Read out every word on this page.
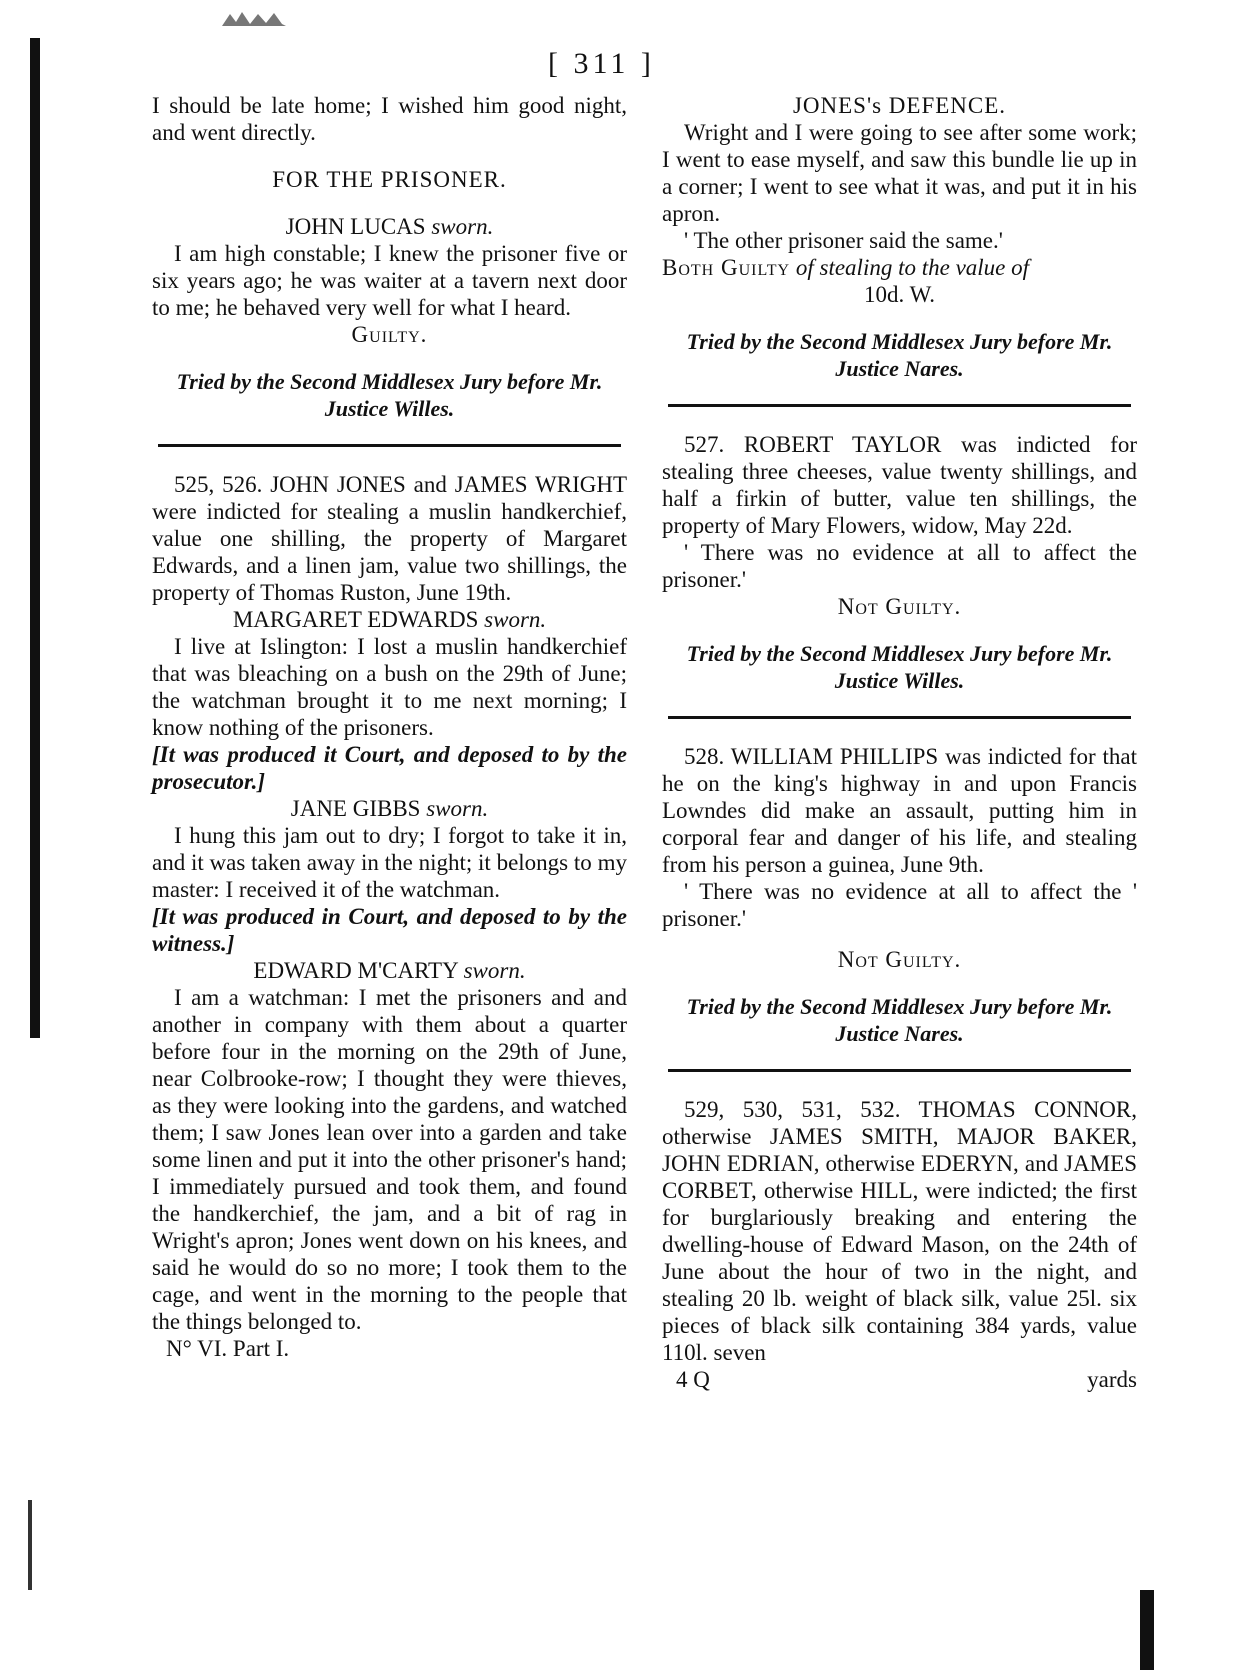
[ 311 ]

I should be late home; I wished him good night, and went directly.

FOR THE PRISONER.

JOHN LUCAS sworn.

I am high constable; I knew the prisoner five or six years ago; he was waiter at a tavern next door to me; he behaved very well for what I heard.

Guilty.

Tried by the Second Middlesex Jury before Mr. Justice Willes.

525, 526. JOHN JONES and JAMES WRIGHT were indicted for stealing a muslin handkerchief, value one shilling, the property of Margaret Edwards, and a linen jam, value two shillings, the property of Thomas Ruston, June 19th.

MARGARET EDWARDS sworn.

I live at Islington: I lost a muslin handkerchief that was bleaching on a bush on the 29th of June; the watchman brought it to me next morning; I know nothing of the prisoners.

[It was produced it Court, and deposed to by the prosecutor.]

JANE GIBBS sworn.

I hung this jam out to dry; I forgot to take it in, and it was taken away in the night; it belongs to my master: I received it of the watchman.

[It was produced in Court, and deposed to by the witness.]

EDWARD M'CARTY sworn.

I am a watchman: I met the prisoners and and another in company with them about a quarter before four in the morning on the 29th of June, near Colbrooke-row; I thought they were thieves, as they were looking into the gardens, and watched them; I saw Jones lean over into a garden and take some linen and put it into the other prisoner's hand; I immediately pursued and took them, and found the handkerchief, the jam, and a bit of rag in Wright's apron; Jones went down on his knees, and said he would do so no more; I took them to the cage, and went in the morning to the people that the things belonged to.

N° VI. Part I.

JONES's DEFENCE.

Wright and I were going to see after some work; I went to ease myself, and saw this bundle lie up in a corner; I went to see what it was, and put it in his apron.

' The other prisoner said the same.'

Both Guilty of stealing to the value of

10d. W.

Tried by the Second Middlesex Jury before Mr. Justice Nares.

527. ROBERT TAYLOR was indicted for stealing three cheeses, value twenty shillings, and half a firkin of butter, value ten shillings, the property of Mary Flowers, widow, May 22d.

' There was no evidence at all to affect the prisoner.'

Not Guilty.

Tried by the Second Middlesex Jury before Mr. Justice Willes.

528. WILLIAM PHILLIPS was indicted for that he on the king's highway in and upon Francis Lowndes did make an assault, putting him in corporal fear and danger of his life, and stealing from his person a guinea, June 9th.

' There was no evidence at all to affect the ' prisoner.'

Not Guilty.

Tried by the Second Middlesex Jury before Mr. Justice Nares.

529, 530, 531, 532. THOMAS CONNOR, otherwise JAMES SMITH, MAJOR BAKER, JOHN EDRIAN, otherwise EDERYN, and JAMES CORBET, otherwise HILL, were indicted; the first for burglariously breaking and entering the dwelling-house of Edward Mason, on the 24th of June about the hour of two in the night, and stealing 20 lb. weight of black silk, value 25l. six pieces of black silk containing 384 yards, value 110l. seven

4 Q	yards
